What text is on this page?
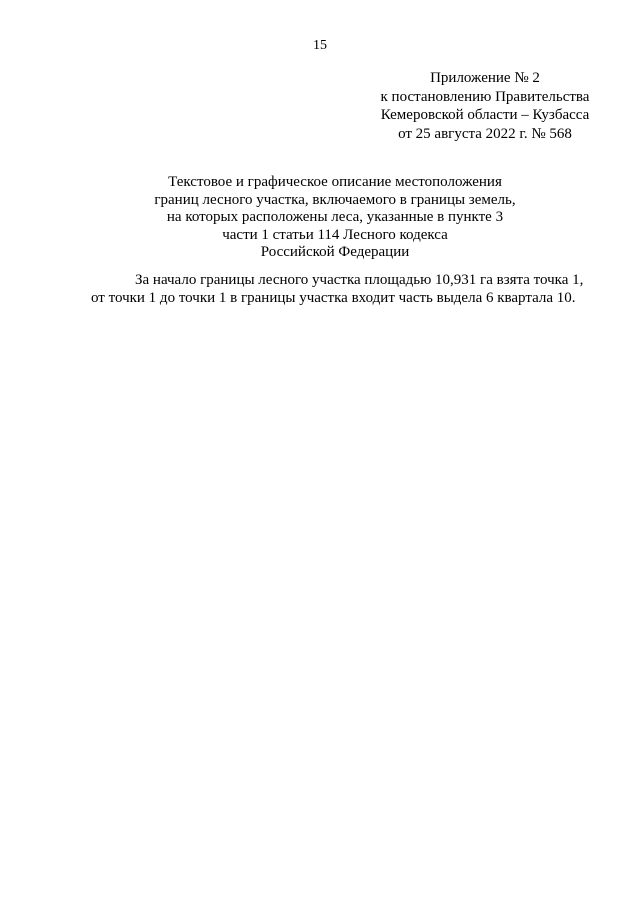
15
Приложение № 2
к постановлению Правительства
Кемеровской области – Кузбасса
от 25 августа 2022 г. № 568
Текстовое и графическое описание местоположения
границ лесного участка, включаемого в границы земель,
на которых расположены леса, указанные в пункте 3
части 1 статьи 114 Лесного кодекса
Российской Федерации
За начало границы лесного участка площадью 10,931 га взята точка 1,
от точки 1 до точки 1 в границы участка входит часть выдела 6 квартала 10.
